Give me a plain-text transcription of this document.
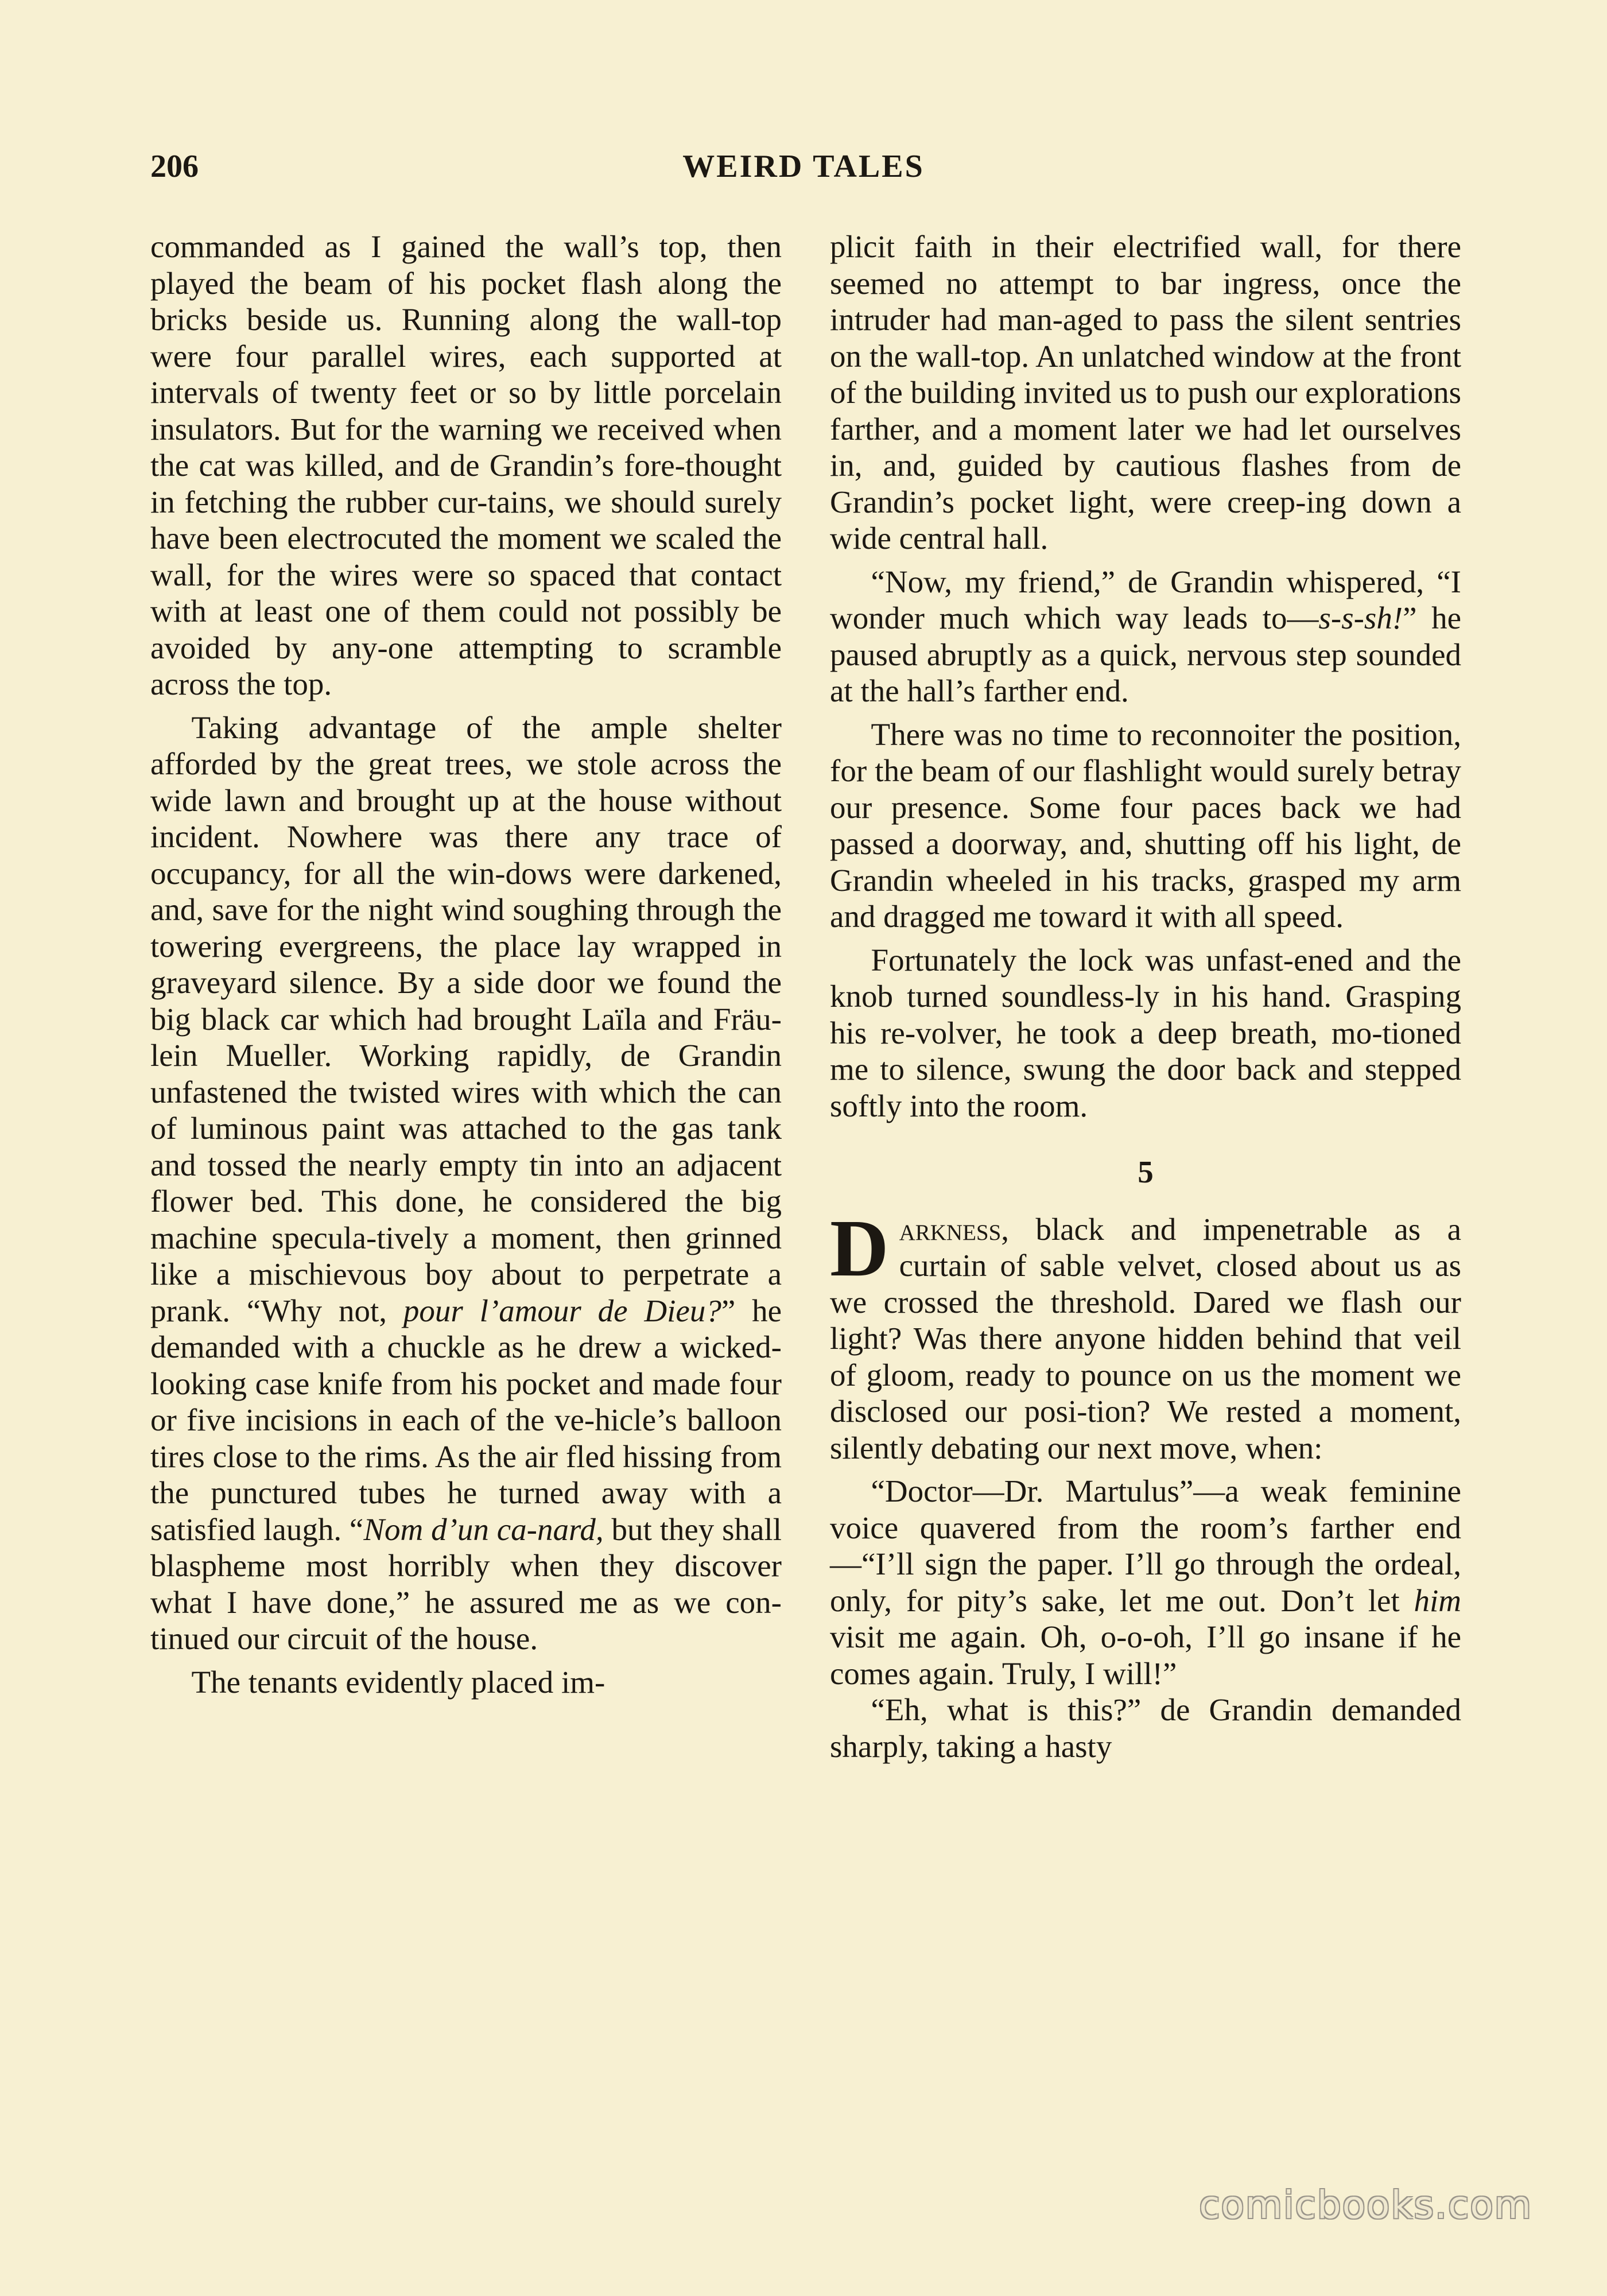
206	WEIRD TALES

commanded as I gained the wall’s top, then played the beam of his pocket flash along the bricks beside us. Running along the wall-top were four parallel wires, each supported at intervals of twenty feet or so by little porcelain insulators. But for the warning we received when the cat was killed, and de Grandin’s fore-thought in fetching the rubber cur-tains, we should surely have been electrocuted the moment we scaled the wall, for the wires were so spaced that contact with at least one of them could not possibly be avoided by any-one attempting to scramble across the top.

Taking advantage of the ample shelter afforded by the great trees, we stole across the wide lawn and brought up at the house without incident. Nowhere was there any trace of occupancy, for all the win-dows were darkened, and, save for the night wind soughing through the towering evergreens, the place lay wrapped in graveyard silence. By a side door we found the big black car which had brought Laïla and Fräu-lein Mueller. Working rapidly, de Grandin unfastened the twisted wires with which the can of luminous paint was attached to the gas tank and tossed the nearly empty tin into an adjacent flower bed. This done, he considered the big machine specula-tively a moment, then grinned like a mischievous boy about to perpetrate a prank. “Why not, pour l’amour de Dieu?” he demanded with a chuckle as he drew a wicked-looking case knife from his pocket and made four or five incisions in each of the ve-hicle’s balloon tires close to the rims. As the air fled hissing from the punctured tubes he turned away with a satisfied laugh. “Nom d’un ca-nard, but they shall blaspheme most horribly when they discover what I have done,” he assured me as we con-tinued our circuit of the house.

The tenants evidently placed im-

plicit faith in their electrified wall, for there seemed no attempt to bar ingress, once the intruder had man-aged to pass the silent sentries on the wall-top. An unlatched window at the front of the building invited us to push our explorations farther, and a moment later we had let ourselves in, and, guided by cautious flashes from de Grandin’s pocket light, were creep-ing down a wide central hall.

“Now, my friend,” de Grandin whispered, “I wonder much which way leads to—s-s-sh!” he paused abruptly as a quick, nervous step sounded at the hall’s farther end.

There was no time to reconnoiter the position, for the beam of our flashlight would surely betray our presence. Some four paces back we had passed a doorway, and, shutting off his light, de Grandin wheeled in his tracks, grasped my arm and dragged me toward it with all speed.

Fortunately the lock was unfast-ened and the knob turned soundless-ly in his hand. Grasping his re-volver, he took a deep breath, mo-tioned me to silence, swung the door back and stepped softly into the room.

5

Darkness, black and impenetrable as a curtain of sable velvet, closed about us as we crossed the threshold. Dared we flash our light? Was there anyone hidden behind that veil of gloom, ready to pounce on us the moment we disclosed our posi-tion? We rested a moment, silently debating our next move, when:

“Doctor—Dr. Martulus”—a weak feminine voice quavered from the room’s farther end—“I’ll sign the paper. I’ll go through the ordeal, only, for pity’s sake, let me out. Don’t let him visit me again. Oh, o-o-oh, I’ll go insane if he comes again. Truly, I will!”

“Eh, what is this?” de Grandin demanded sharply, taking a hasty

comicbooks.com
